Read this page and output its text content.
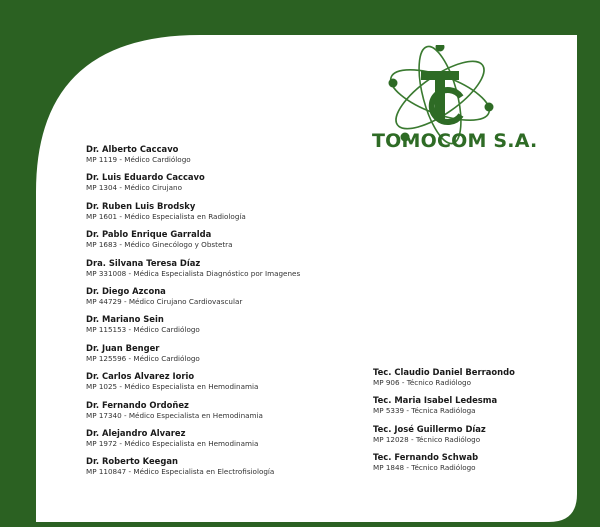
TOMOCOM S.A.
Dr. Alberto Caccavo
MP 1119 - Médico Cardiólogo
Dr. Luis Eduardo Caccavo
MP 1304 - Médico Cirujano
Dr. Ruben Luis Brodsky
MP 1601 - Médico Especialista en Radiología
Dr. Pablo Enrique Garralda
MP 1683 - Médico Ginecólogo y Obstetra
Dra. Silvana Teresa Díaz
MP 331008 - Médica Especialista Diagnóstico por Imagenes
Dr. Diego Azcona
MP 44729 - Médico Cirujano Cardiovascular
Dr. Mariano Sein
MP 115153 - Médico Cardiólogo
Dr. Juan Benger
MP 125596 - Médico Cardiólogo
Dr. Carlos Alvarez Iorio
MP 1025 - Médico Especialista en Hemodinamia
Dr. Fernando Ordoñez
MP 17340 - Médico Especialista en Hemodinamia
Dr. Alejandro Alvarez
MP 1972 - Médico Especialista en Hemodinamia
Dr. Roberto Keegan
MP 110847 - Médico Especialista en Electrofisiología
Tec. Claudio Daniel Berraondo
MP 906 - Técnico Radiólogo
Tec. Maria Isabel Ledesma
MP 5339 - Técnica Radióloga
Tec. José Guillermo Díaz
MP 12028 - Técnico Radiólogo
Tec. Fernando Schwab
MP 1848 - Técnico Radiólogo
